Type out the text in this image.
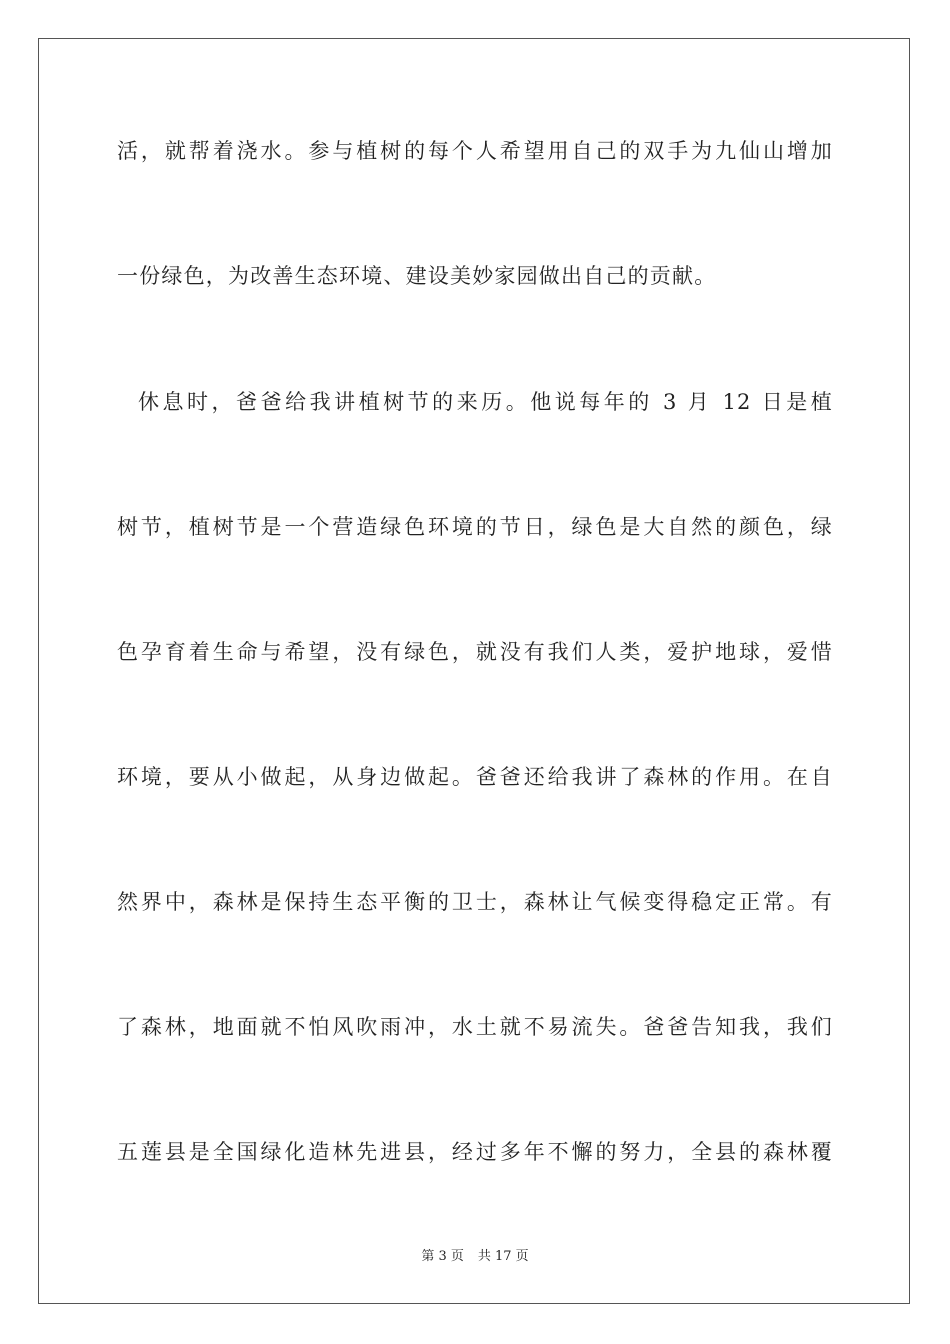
活，就帮着浇水。参与植树的每个人希望用自己的双手为九仙山增加
一份绿色，为改善生态环境、建设美妙家园做出自己的贡献。
休息时，爸爸给我讲植树节的来历。他说每年的 3 月 12 日是植
树节，植树节是一个营造绿色环境的节日，绿色是大自然的颜色，绿
色孕育着生命与希望，没有绿色，就没有我们人类，爱护地球，爱惜
环境，要从小做起，从身边做起。爸爸还给我讲了森林的作用。在自
然界中，森林是保持生态平衡的卫士，森林让气候变得稳定正常。有
了森林，地面就不怕风吹雨冲，水土就不易流失。爸爸告知我，我们
五莲县是全国绿化造林先进县，经过多年不懈的努力，全县的森林覆
第 3 页 共 17 页
